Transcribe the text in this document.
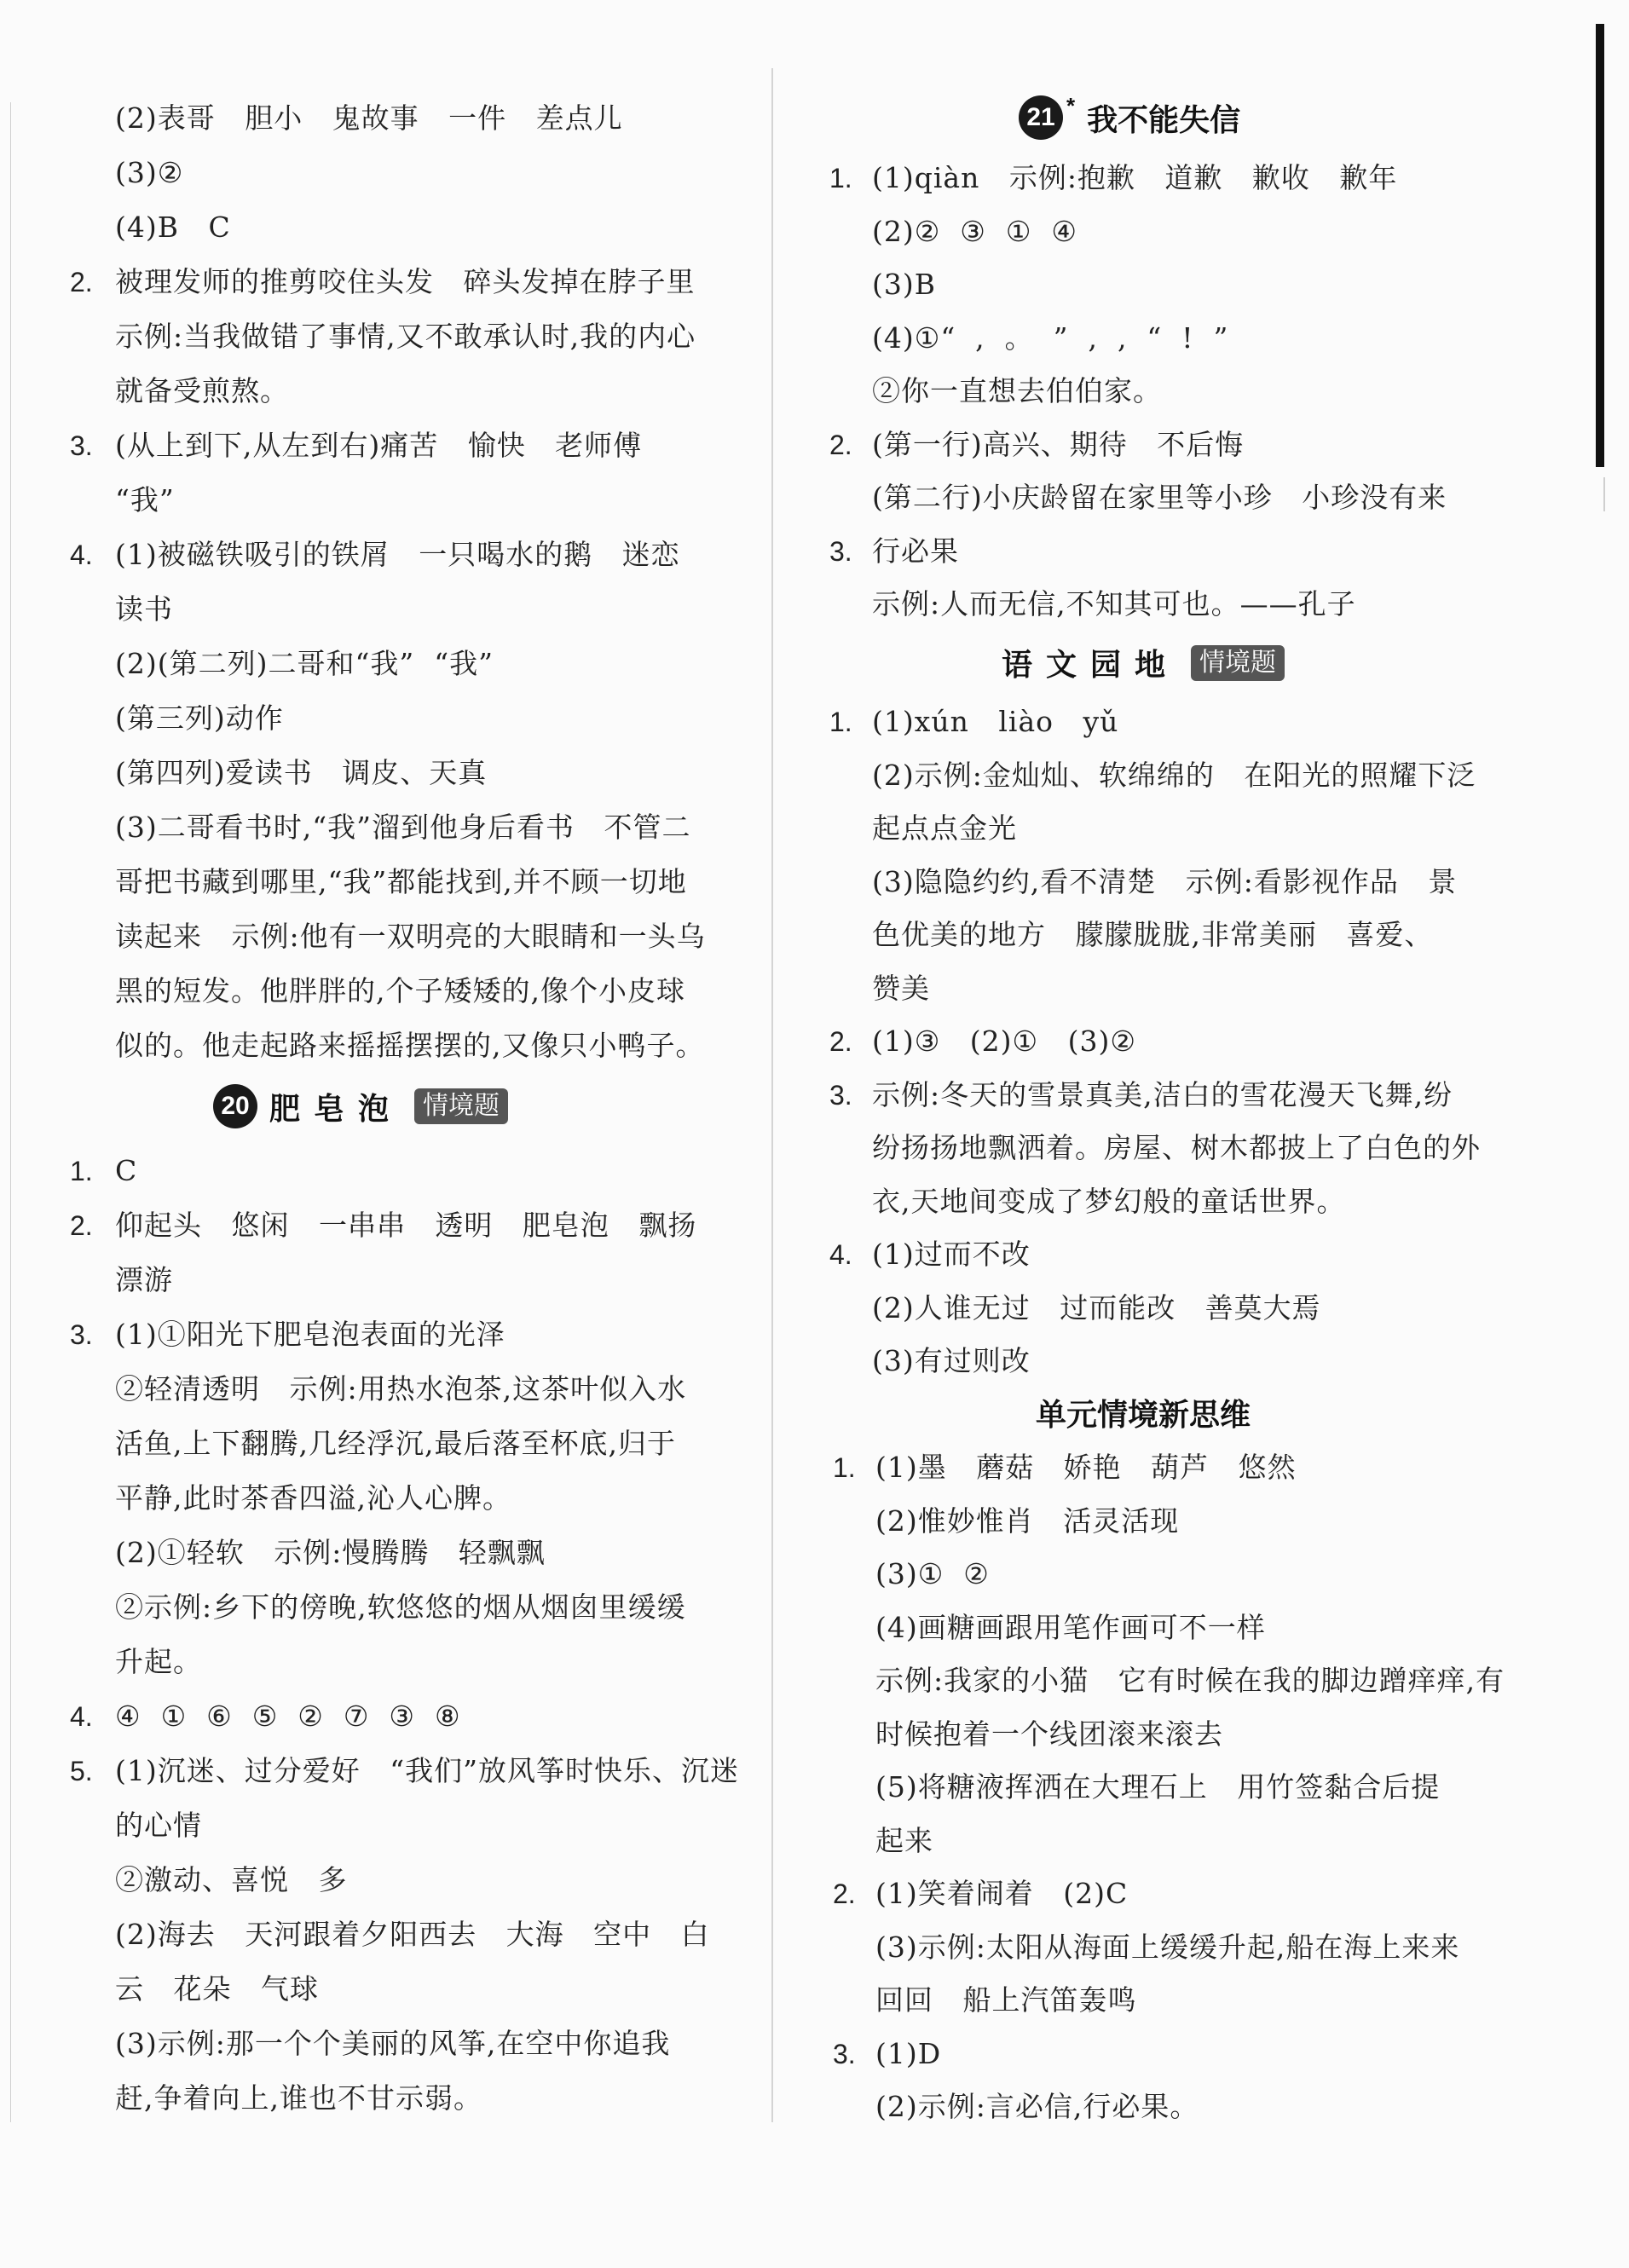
(2)表哥   胆小   鬼故事   一件   差点儿
(3)②
(4)B   C
2. 被理发师的推剪咬住头发   碎头发掉在脖子里
示例:当我做错了事情,又不敢承认时,我的内心
就备受煎熬。
3. (从上到下,从左到右)痛苦   愉快   老师傅
“我”
4. (1)被磁铁吸引的铁屑   一只喝水的鹅   迷恋
读书
(2)(第二列)二哥和“我”  “我”
(第三列)动作
(第四列)爱读书   调皮、天真
(3)二哥看书时,“我”溜到他身后看书   不管二
哥把书藏到哪里,“我”都能找到,并不顾一切地
读起来   示例:他有一双明亮的大眼睛和一头乌
黑的短发。他胖胖的,个子矮矮的,像个小皮球
似的。他走起路来摇摇摆摆的,又像只小鸭子。
20 肥皂泡 情境题
1. C
2. 仰起头   悠闲   一串串   透明   肥皂泡   飘扬
漂游
3. (1)①阳光下肥皂泡表面的光泽
②轻清透明   示例:用热水泡茶,这茶叶似入水
活鱼,上下翻腾,几经浮沉,最后落至杯底,归于
平静,此时茶香四溢,沁人心脾。
(2)①轻软   示例:慢腾腾   轻飘飘
②示例:乡下的傍晚,软悠悠的烟从烟囱里缓缓
升起。
4. ④  ①  ⑥  ⑤  ②  ⑦  ③  ⑧
5. (1)沉迷、过分爱好   “我们”放风筝时快乐、沉迷
的心情
②激动、喜悦   多
(2)海去   天河跟着夕阳西去   大海   空中   白
云   花朵   气球
(3)示例:那一个个美丽的风筝,在空中你追我
赶,争着向上,谁也不甘示弱。
21 * 我不能失信
1. (1)qiàn   示例:抱歉   道歉   歉收   歉年
(2)②  ③  ①  ④
(3)B
(4)①“  ,  。  ”  ,  ,  “  !  ”
②你一直想去伯伯家。
2. (第一行)高兴、期待   不后悔
(第二行)小庆龄留在家里等小珍   小珍没有来
3. 行必果
示例:人而无信,不知其可也。——孔子
语文园地 情境题
1. (1)xún   liào   yǔ
(2)示例:金灿灿、软绵绵的   在阳光的照耀下泛
起点点金光
(3)隐隐约约,看不清楚   示例:看影视作品   景
色优美的地方   朦朦胧胧,非常美丽   喜爱、
赞美
2. (1)③   (2)①   (3)②
3. 示例:冬天的雪景真美,洁白的雪花漫天飞舞,纷
纷扬扬地飘洒着。房屋、树木都披上了白色的外
衣,天地间变成了梦幻般的童话世界。
4. (1)过而不改
(2)人谁无过   过而能改   善莫大焉
(3)有过则改
单元情境新思维
1. (1)墨   蘑菇   娇艳   葫芦   悠然
(2)惟妙惟肖   活灵活现
(3)①  ②
(4)画糖画跟用笔作画可不一样
示例:我家的小猫   它有时候在我的脚边蹭痒痒,有
时候抱着一个线团滚来滚去
(5)将糖液挥洒在大理石上   用竹签黏合后提
起来
2. (1)笑着闹着   (2)C
(3)示例:太阳从海面上缓缓升起,船在海上来来
回回   船上汽笛轰鸣
3. (1)D
(2)示例:言必信,行必果。
